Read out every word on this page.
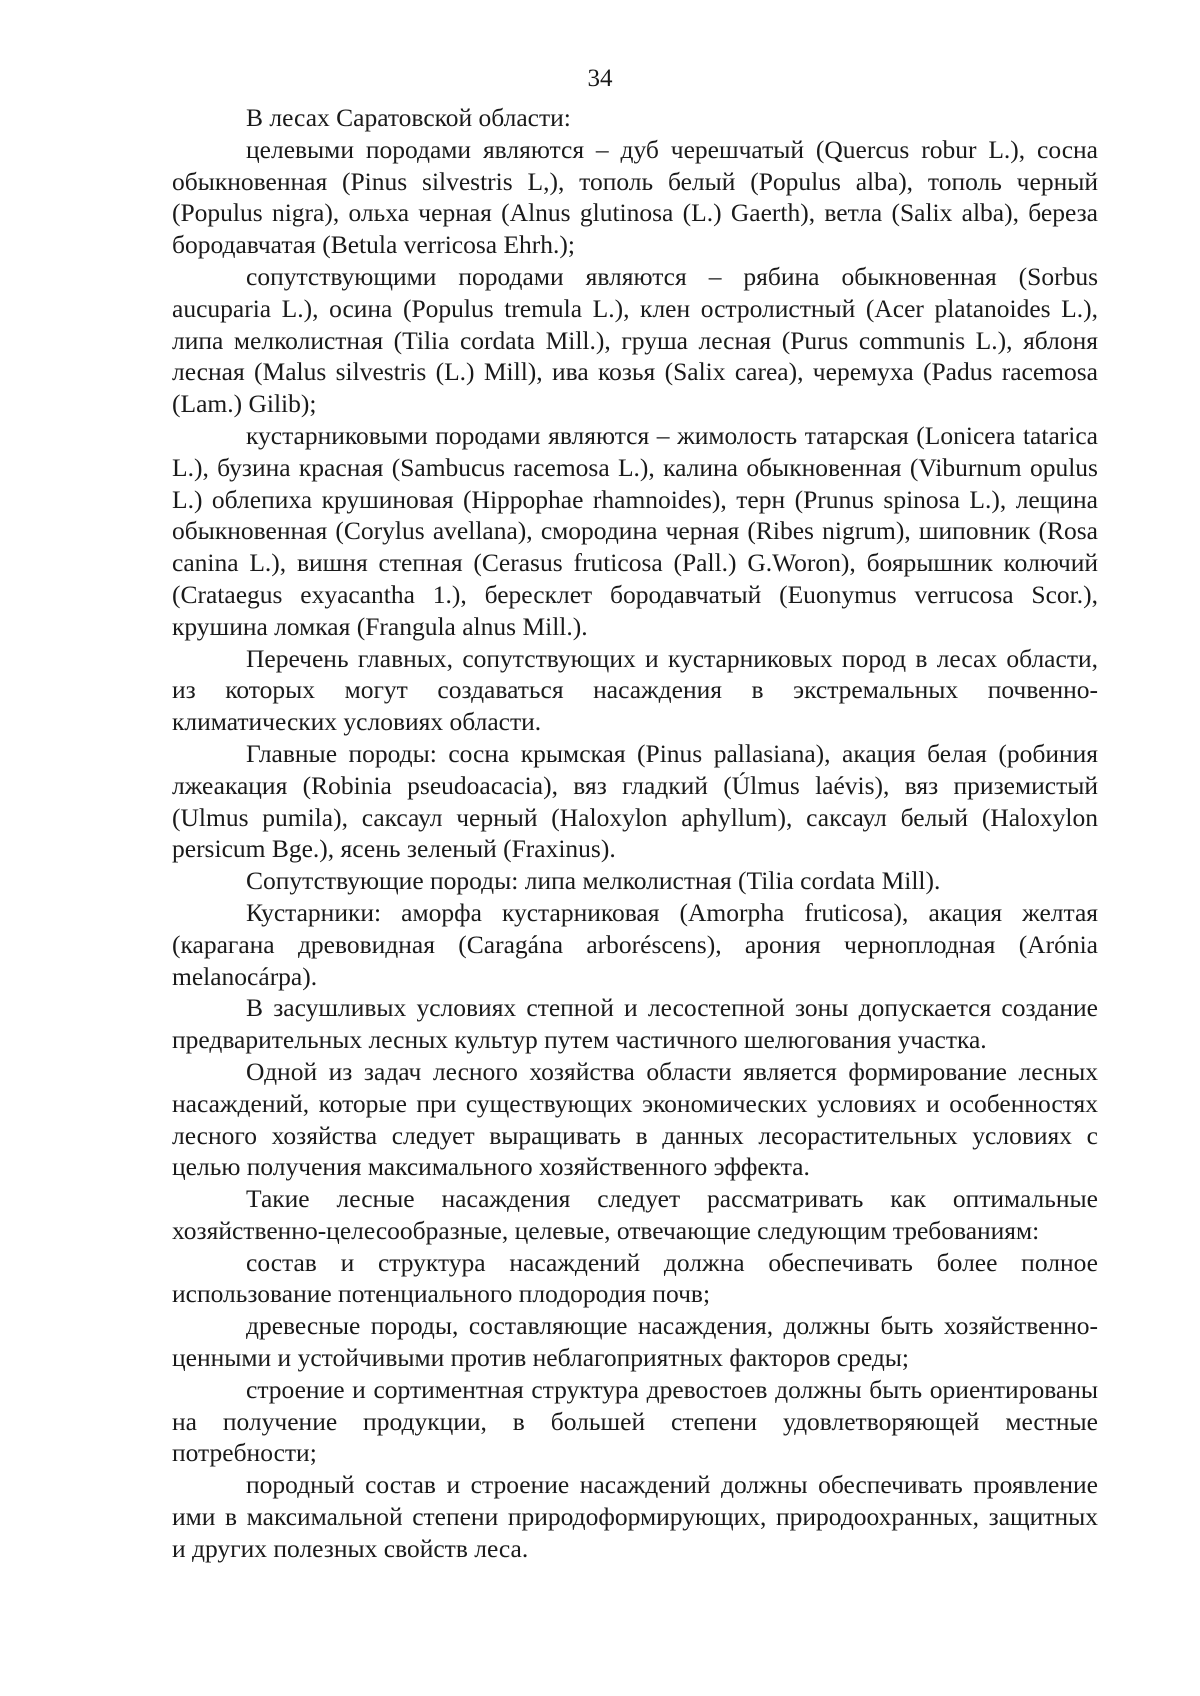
34

В лесах Саратовской области:

целевыми породами являются – дуб черешчатый (Quercus robur L.), сосна обыкновенная (Pinus silvestris L,), тополь белый (Populus alba), тополь черный (Populus nigra), ольха черная (Alnus glutinosa (L.) Gaerth), ветла (Salix alba), береза бородавчатая (Betula verricosa Ehrh.);

сопутствующими породами являются – рябина обыкновенная (Sorbus aucuparia L.), осина (Populus tremula L.), клен остролистный (Acer platanoides L.), липа мелколистная (Tilia cordata Mill.), груша лесная (Purus communis L.), яблоня лесная (Malus silvestris (L.) Mill), ива козья (Salix carea), черемуха (Padus racemosa (Lam.) Gilib);

кустарниковыми породами являются – жимолость татарская (Lonicera tatarica L.), бузина красная (Sambucus racemosa L.), калина обыкновенная (Viburnum opulus L.) облепиха крушиновая (Hippophae rhamnoides), терн (Prunus spinosa L.), лещина обыкновенная (Corylus avellana), смородина черная (Ribes nigrum), шиповник (Rosa canina L.), вишня степная (Cerasus fruticosa (Pall.) G.Woron), боярышник колючий (Crataegus exyacantha 1.), бересклет бородавчатый (Euonymus verrucosa Scor.), крушина ломкая (Frangula alnus Mill.).

Перечень главных, сопутствующих и кустарниковых пород в лесах области, из которых могут создаваться насаждения в экстремальных почвенно-климатических условиях области.

Главные породы: сосна крымская (Pinus pallasiana), акация белая (робиния лжеакация (Robinia pseudoacacia), вяз гладкий (Úlmus laévis), вяз приземистый (Ulmus pumila), саксаул черный (Haloxylon aphyllum), саксаул белый (Haloxylon persicum Bge.), ясень зеленый (Fraxinus).

Сопутствующие породы: липа мелколистная (Tilia cordata Mill).

Кустарники: аморфа кустарниковая (Amorpha fruticosa), акация желтая (карагана древовидная (Caragána arboréscens), арония черноплодная (Arónia melanocárpa).

В засушливых условиях степной и лесостепной зоны допускается создание предварительных лесных культур путем частичного шелюгования участка.

Одной из задач лесного хозяйства области является формирование лесных насаждений, которые при существующих экономических условиях и особенностях лесного хозяйства следует выращивать в данных лесорастительных условиях с целью получения максимального хозяйственного эффекта.

Такие лесные насаждения следует рассматривать как оптимальные хозяйственно-целесообразные, целевые, отвечающие следующим требованиям:

состав и структура насаждений должна обеспечивать более полное использование потенциального плодородия почв;

древесные породы, составляющие насаждения, должны быть хозяйственно-ценными и устойчивыми против неблагоприятных факторов среды;

строение и сортиментная структура древостоев должны быть ориентированы на получение продукции, в большей степени удовлетворяющей местные потребности;

породный состав и строение насаждений должны обеспечивать проявление ими в максимальной степени природоформирующих, природоохранных, защитных и других полезных свойств леса.
